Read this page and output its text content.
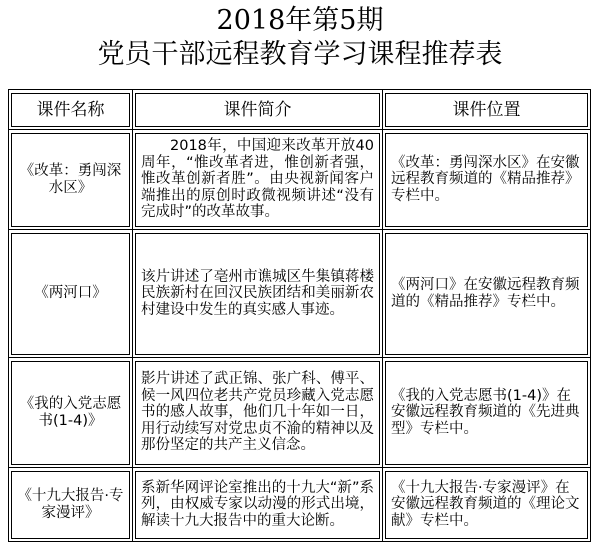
2018年第5期
党员干部远程教育学习课程推荐表
课件名称	课件简介	课件位置

《改革：勇闯深水区》	2018年，中国迎来改革开放40周年，“惟改革者进，惟创新者强，惟改革创新者胜”。由央视新闻客户端推出的原创时政微视频讲述“没有完成时”的改革故事。	《改革：勇闯深水区》在安徽远程教育频道的《精品推荐》专栏中。

《两河口》	该片讲述了亳州市谯城区牛集镇蒋楼民族新村在回汉民族团结和美丽新农村建设中发生的真实感人事迹。	《两河口》在安徽远程教育频道的《精品推荐》专栏中。

《我的入党志愿书(1-4)》	影片讲述了武正锦、张广科、傅平、候一风四位老共产党员珍藏入党志愿书的感人故事，他们几十年如一日，用行动续写对党忠贞不渝的精神以及那份坚定的共产主义信念。	《我的入党志愿书(1-4)》在安徽远程教育频道的《先进典型》专栏中。

《十九大报告·专家漫评》	系新华网评论室推出的十九大“新”系列，由权威专家以动漫的形式出境，解读十九大报告中的重大论断。	《十九大报告·专家漫评》在安徽远程教育频道的《理论文献》专栏中。
